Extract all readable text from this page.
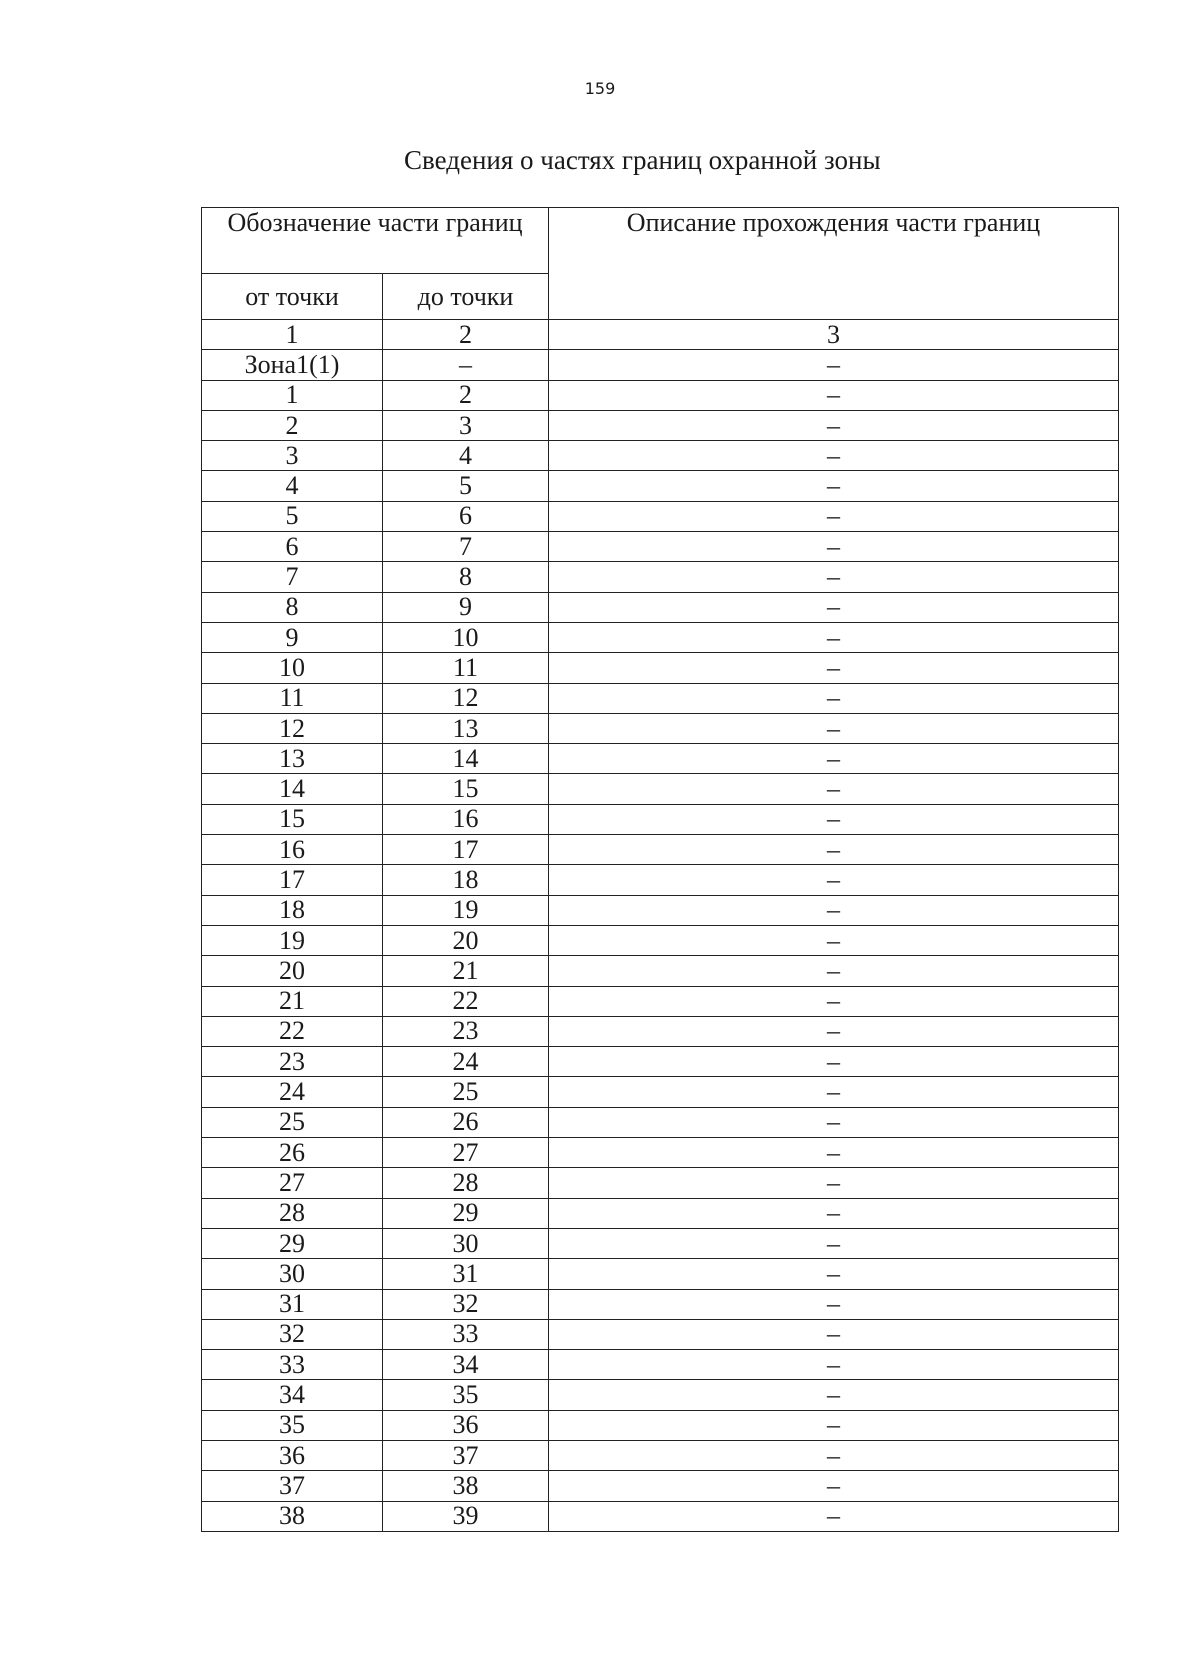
159
Сведения о частях границ охранной зоны
Обозначение части границ		Описание прохождения части границ
от точки	до точки	
1	2	3
Зона1(1)	–	–
1	2	–
2	3	–
3	4	–
4	5	–
5	6	–
6	7	–
7	8	–
8	9	–
9	10	–
10	11	–
11	12	–
12	13	–
13	14	–
14	15	–
15	16	–
16	17	–
17	18	–
18	19	–
19	20	–
20	21	–
21	22	–
22	23	–
23	24	–
24	25	–
25	26	–
26	27	–
27	28	–
28	29	–
29	30	–
30	31	–
31	32	–
32	33	–
33	34	–
34	35	–
35	36	–
36	37	–
37	38	–
38	39	–
